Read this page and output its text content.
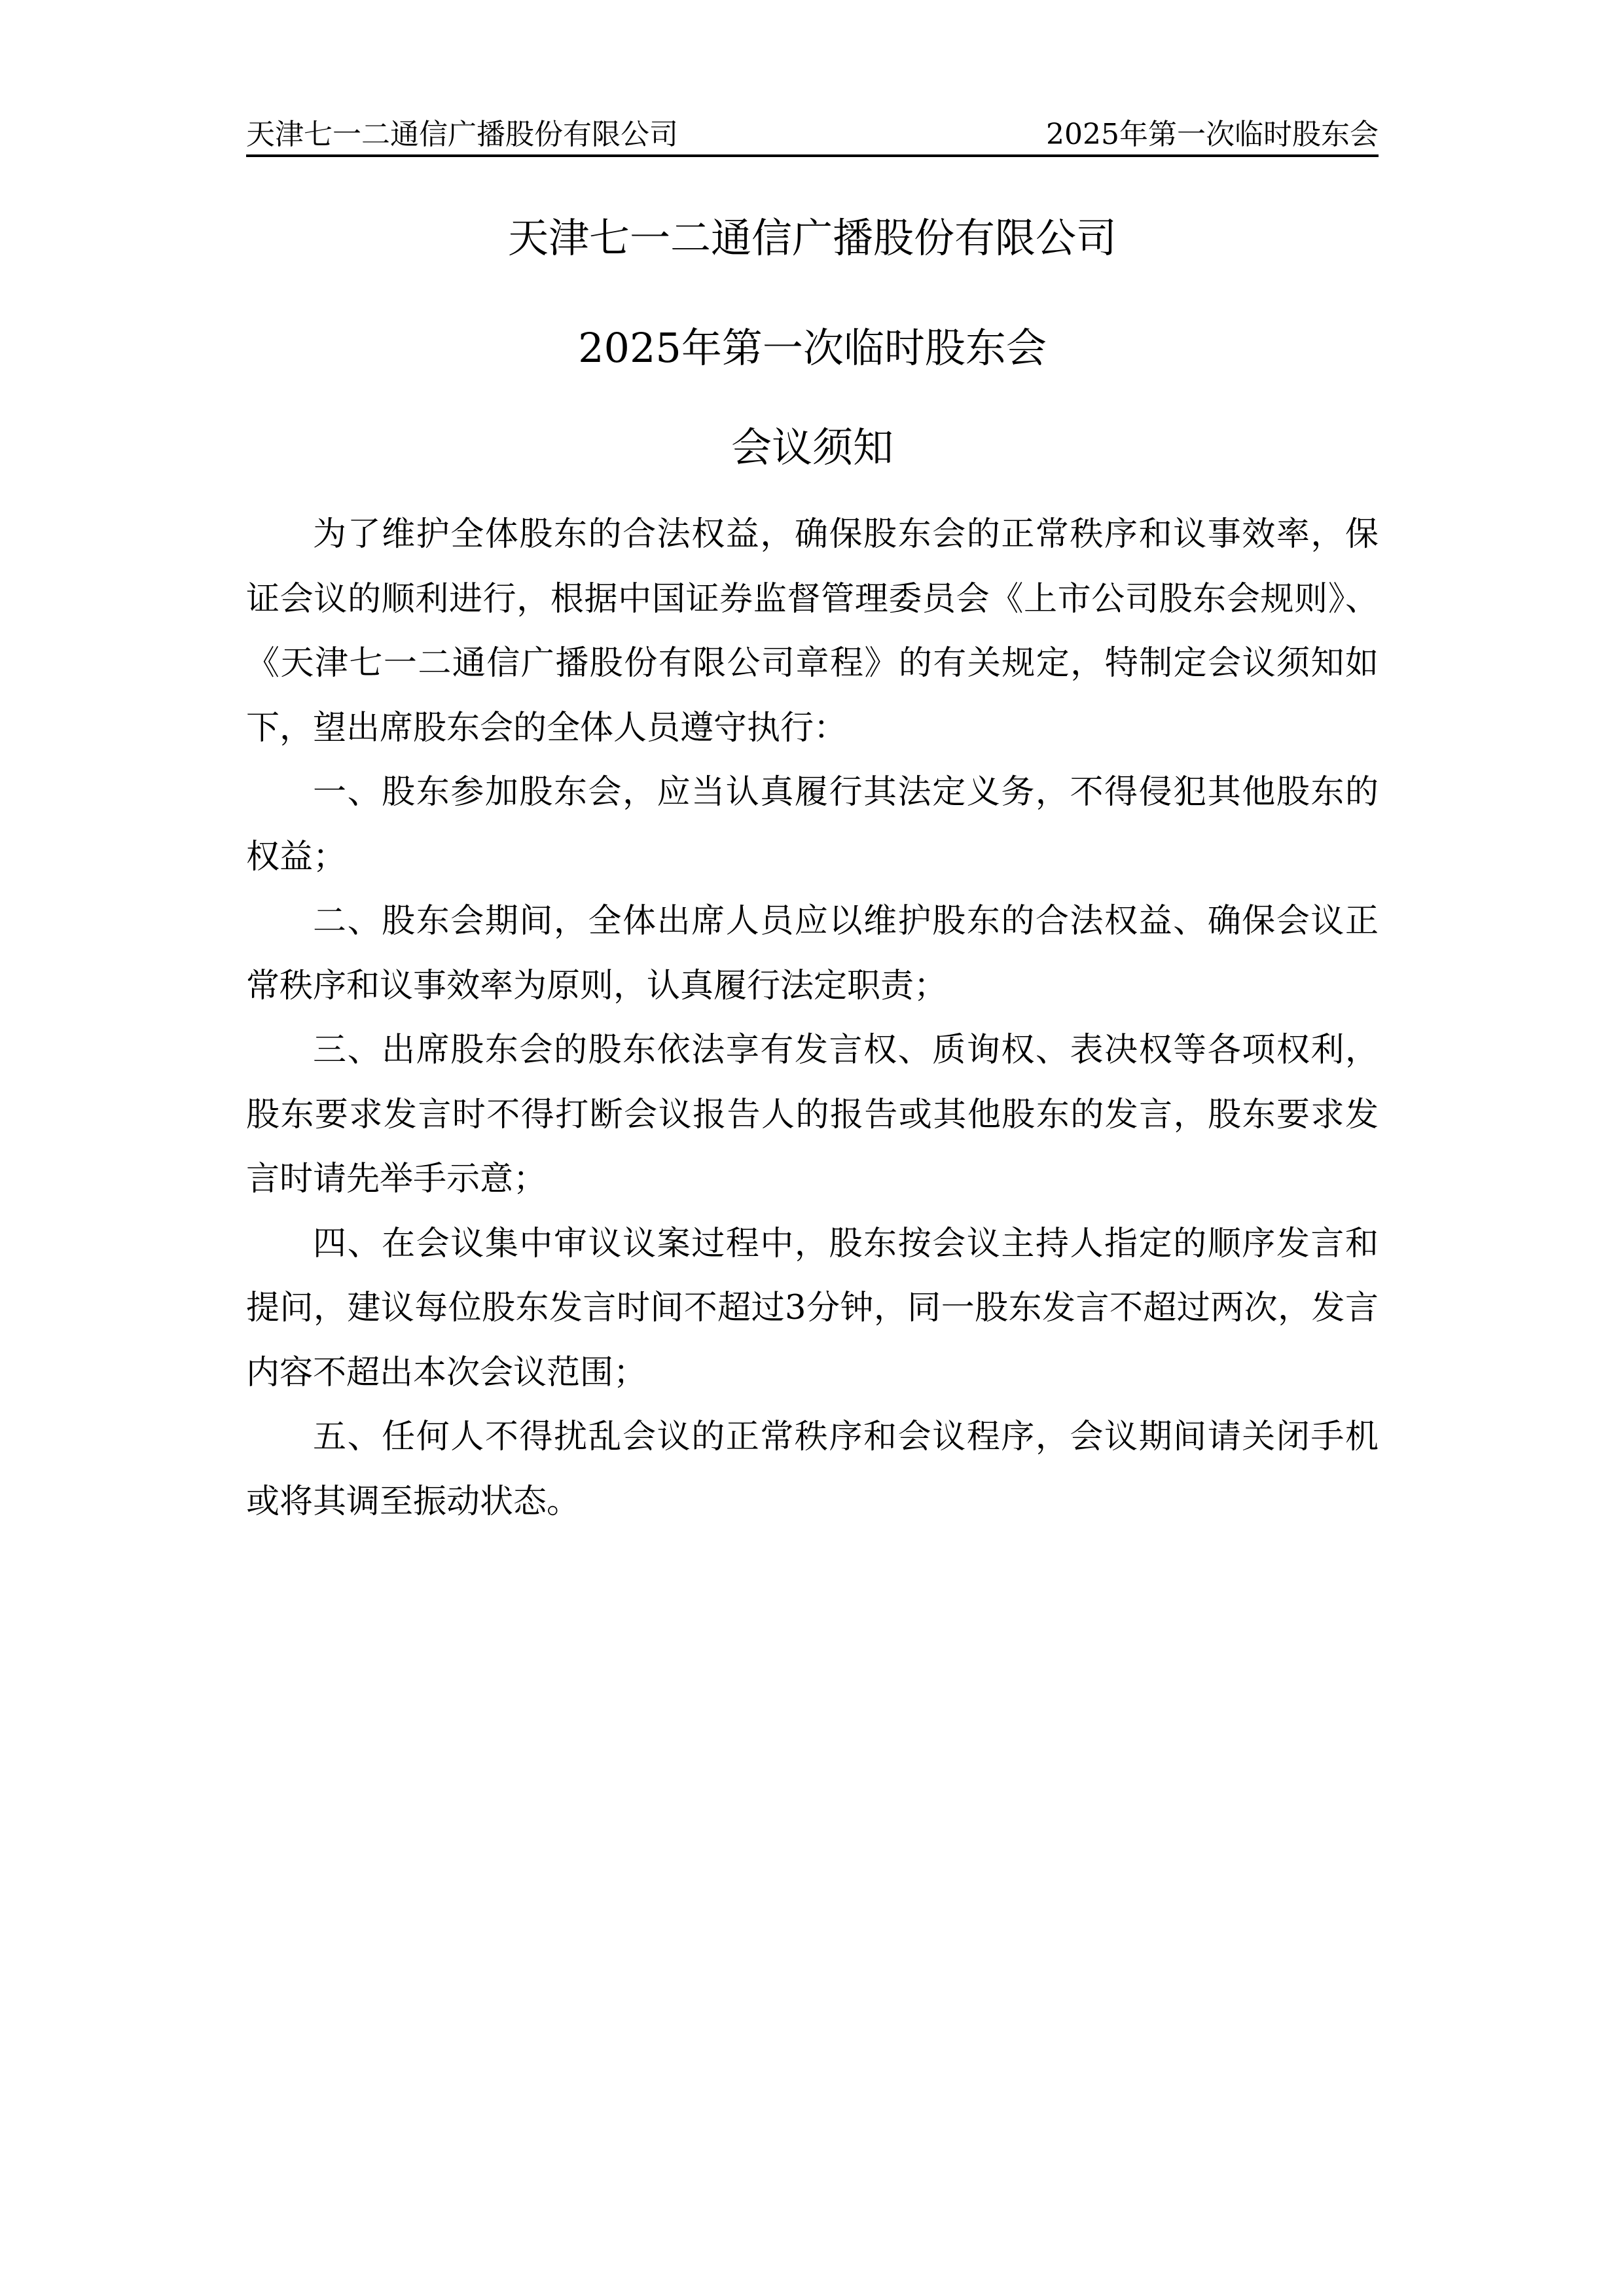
天津七一二通信广播股份有限公司	2025年第一次临时股东会
天津七一二通信广播股份有限公司
2025年第一次临时股东会
会议须知

为了维护全体股东的合法权益，确保股东会的正常秩序和议事效率，保证会议的顺利进行，根据中国证券监督管理委员会《上市公司股东会规则》、《天津七一二通信广播股份有限公司章程》的有关规定，特制定会议须知如下，望出席股东会的全体人员遵守执行：

一、股东参加股东会，应当认真履行其法定义务，不得侵犯其他股东的权益；

二、股东会期间，全体出席人员应以维护股东的合法权益、确保会议正常秩序和议事效率为原则，认真履行法定职责；

三、出席股东会的股东依法享有发言权、质询权、表决权等各项权利，股东要求发言时不得打断会议报告人的报告或其他股东的发言，股东要求发言时请先举手示意；

四、在会议集中审议议案过程中，股东按会议主持人指定的顺序发言和提问，建议每位股东发言时间不超过3分钟，同一股东发言不超过两次，发言内容不超出本次会议范围；

五、任何人不得扰乱会议的正常秩序和会议程序，会议期间请关闭手机或将其调至振动状态。
